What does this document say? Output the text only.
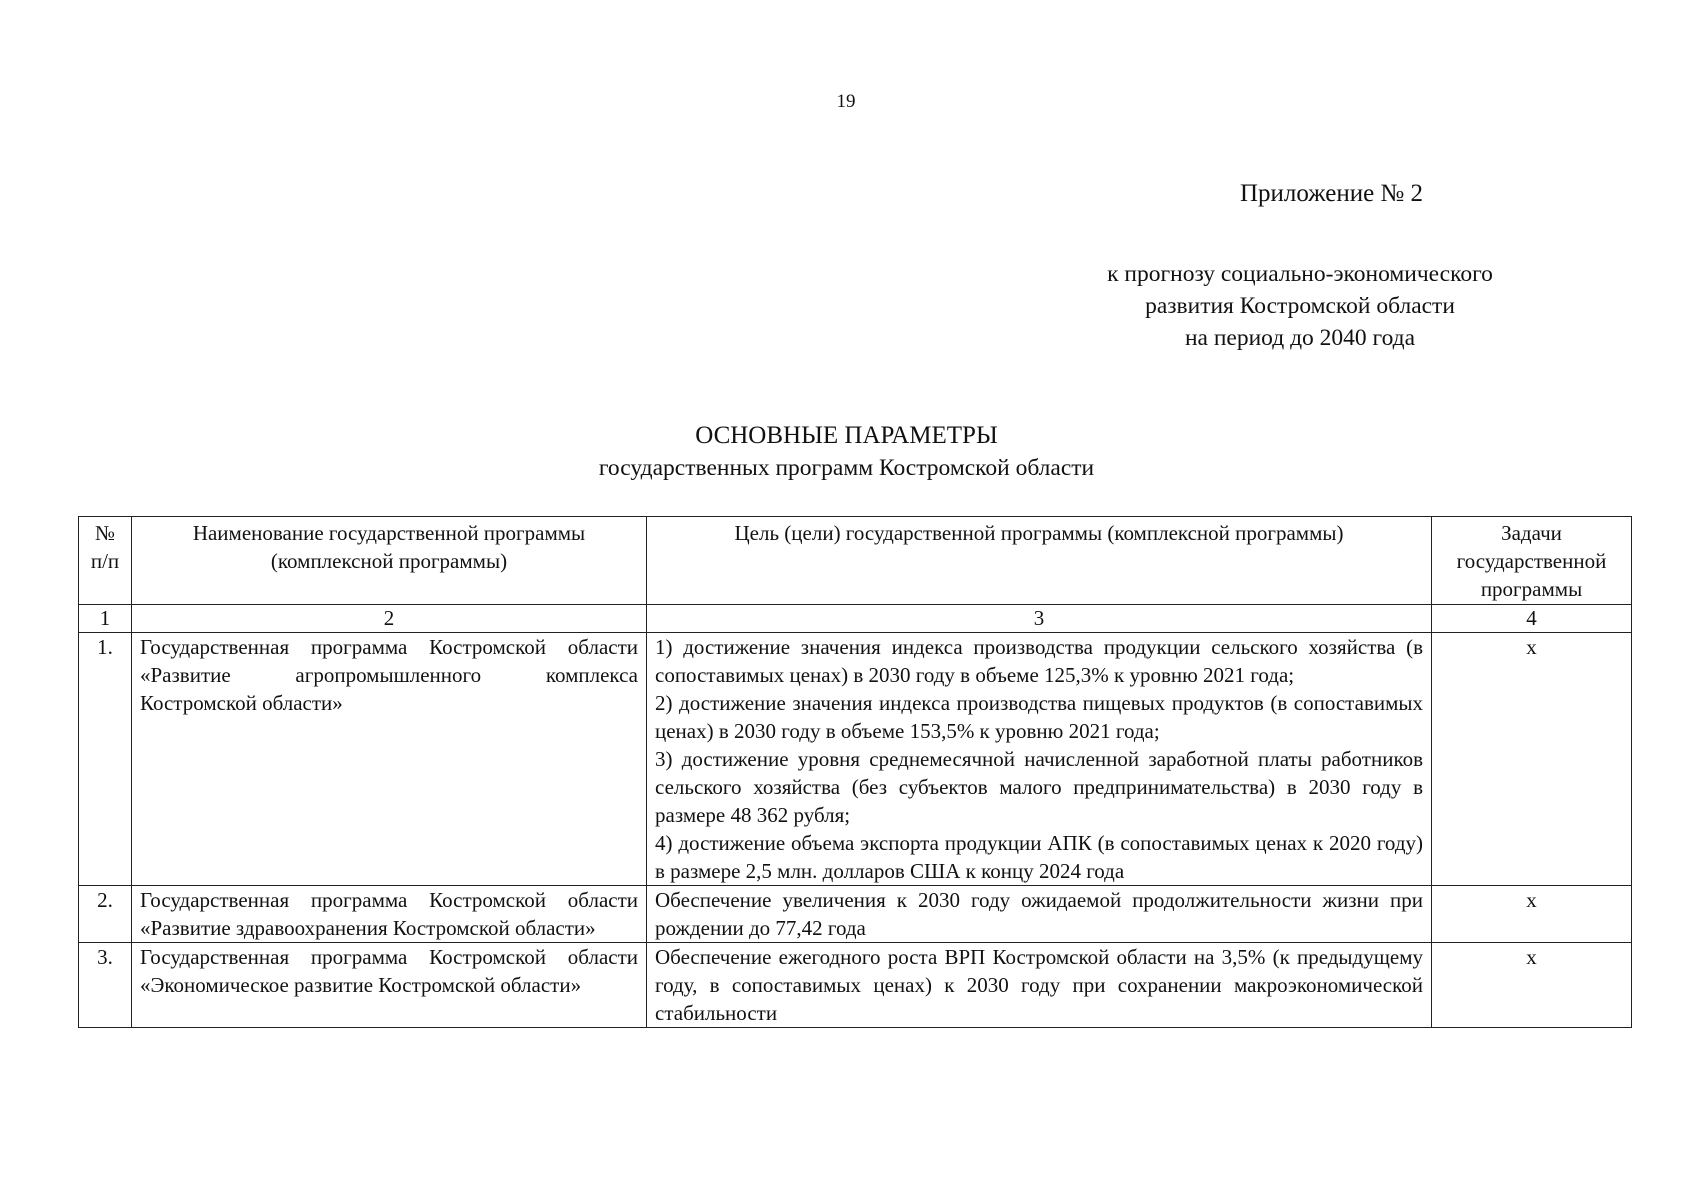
19
Приложение № 2
к прогнозу социально-экономического
развития Костромской области
на период до 2040 года
ОСНОВНЫЕ ПАРАМЕТРЫ
государственных программ Костромской области
№ п/п	Наименование государственной программы (комплексной программы)	Цель (цели) государственной программы (комплексной программы)	Задачи государственной программы
1	2	3	4
1.	Государственная программа Костромской области «Развитие агропромышленного комплекса Костромской области»	1) достижение значения индекса производства продукции сельского хозяйства (в сопоставимых ценах) в 2030 году в объеме 125,3% к уровню 2021 года;
2) достижение значения индекса производства пищевых продуктов (в сопоставимых ценах) в 2030 году в объеме 153,5% к уровню 2021 года;
3) достижение уровня среднемесячной начисленной заработной платы работников сельского хозяйства (без субъектов малого предпринимательства) в 2030 году в размере 48 362 рубля;
4) достижение объема экспорта продукции АПК (в сопоставимых ценах к 2020 году) в размере 2,5 млн. долларов США к концу 2024 года	х
2.	Государственная программа Костромской области «Развитие здравоохранения Костромской области»	Обеспечение увеличения к 2030 году ожидаемой продолжительности жизни при рождении до 77,42 года	х
3.	Государственная программа Костромской области «Экономическое развитие Костромской области»	Обеспечение ежегодного роста ВРП Костромской области на 3,5% (к предыдущему году, в сопоставимых ценах) к 2030 году при сохранении макроэкономической стабильности	х
